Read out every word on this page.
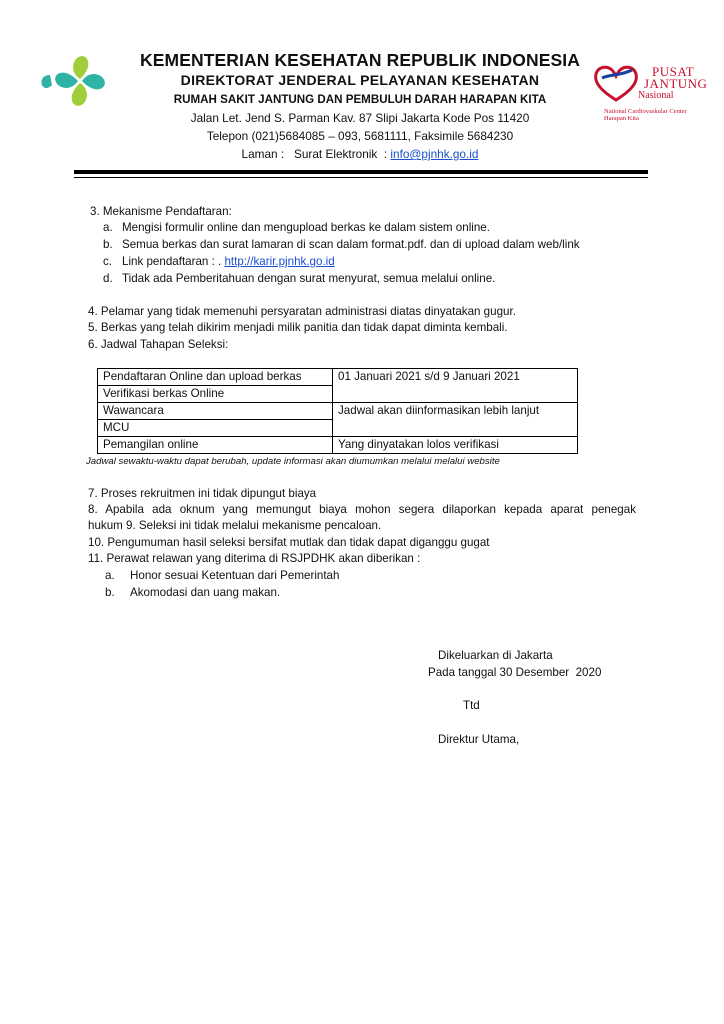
PUSAT
JANTUNG
Nasional
National Cardiovaskular Center
Harapan Kita
KEMENTERIAN KESEHATAN REPUBLIK INDONESIA
DIREKTORAT JENDERAL PELAYANAN KESEHATAN
RUMAH SAKIT JANTUNG DAN PEMBULUH DARAH HARAPAN KITA
Jalan Let. Jend S. Parman Kav. 87 Slipi Jakarta Kode Pos 11420
Telepon (021)5684085 – 093, 5681111, Faksimile 5684230
Laman :   Surat Elektronik  : info@pjnhk.go.id
3. Mekanisme Pendaftaran:
a. Mengisi formulir online dan mengupload berkas ke dalam sistem online.
b. Semua berkas dan surat lamaran di scan dalam format.pdf. dan di upload dalam web/link
c. Link pendaftaran : . http://karir.pjnhk.go.id
d. Tidak ada Pemberitahuan dengan surat menyurat, semua melalui online.
4. Pelamar yang tidak memenuhi persyaratan administrasi diatas dinyatakan gugur.
5. Berkas yang telah dikirim menjadi milik panitia dan tidak dapat diminta kembali.
6. Jadwal Tahapan Seleksi:
Pendaftaran Online dan upload berkas	01 Januari 2021 s/d 9 Januari 2021
Verifikasi berkas Online	
Wawancara	Jadwal akan diinformasikan lebih lanjut
MCU	
Pemangilan online	Yang dinyatakan lolos verifikasi
Jadwal sewaktu-waktu dapat berubah, update informasi akan diumumkan melalui melalui website
7. Proses rekruitmen ini tidak dipungut biaya
8. Apabila ada oknum yang memungut biaya mohon segera dilaporkan kepada aparat penegak
hukum 9. Seleksi ini tidak melalui mekanisme pencaloan.
10. Pengumuman hasil seleksi bersifat mutlak dan tidak dapat diganggu gugat
11. Perawat relawan yang diterima di RSJPDHK akan diberikan :
a. Honor sesuai Ketentuan dari Pemerintah
b. Akomodasi dan uang makan.
Dikeluarkan di Jakarta
Pada tanggal 30 Desember  2020
Ttd
Direktur Utama,
